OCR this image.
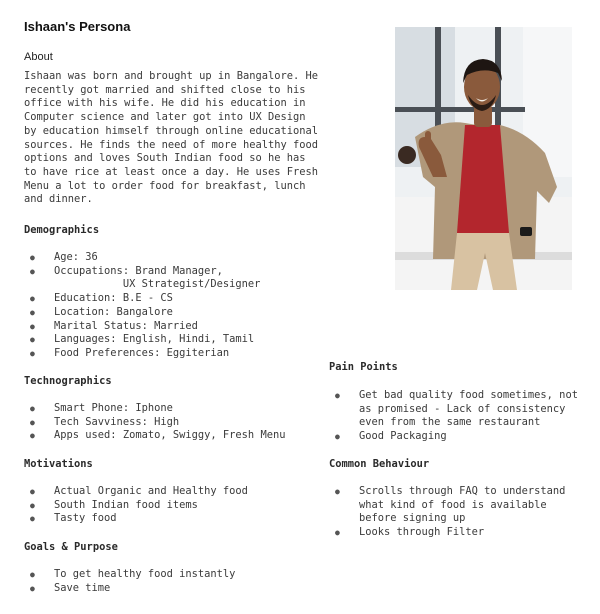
Ishaan's Persona
About
Ishaan was born and brought up in Bangalore. He
recently got married and shifted close to his
office with his wife. He did his education in
Computer science and later got into UX Design
by education himself through online educational
sources. He finds the need of more healthy food
options and loves South Indian food so he has
to have rice at least once a day. He uses Fresh
Menu a lot to order food for breakfast, lunch
and dinner.
Demographics
● Age: 36
● Occupations: Brand Manager,
UX Strategist/Designer
● Education: B.E - CS
● Location: Bangalore
● Marital Status: Married
● Languages: English, Hindi, Tamil
● Food Preferences: Eggiterian
Technographics
● Smart Phone: Iphone
● Tech Savviness: High
● Apps used: Zomato, Swiggy, Fresh Menu
Motivations
● Actual Organic and Healthy food
● South Indian food items
● Tasty food
Goals & Purpose
● To get healthy food instantly
● Save time
Pain Points
● Get bad quality food sometimes, not
as promised - Lack of consistency
even from the same restaurant
● Good Packaging
Common Behaviour
● Scrolls through FAQ to understand
what kind of food is available
before signing up
● Looks through Filter
